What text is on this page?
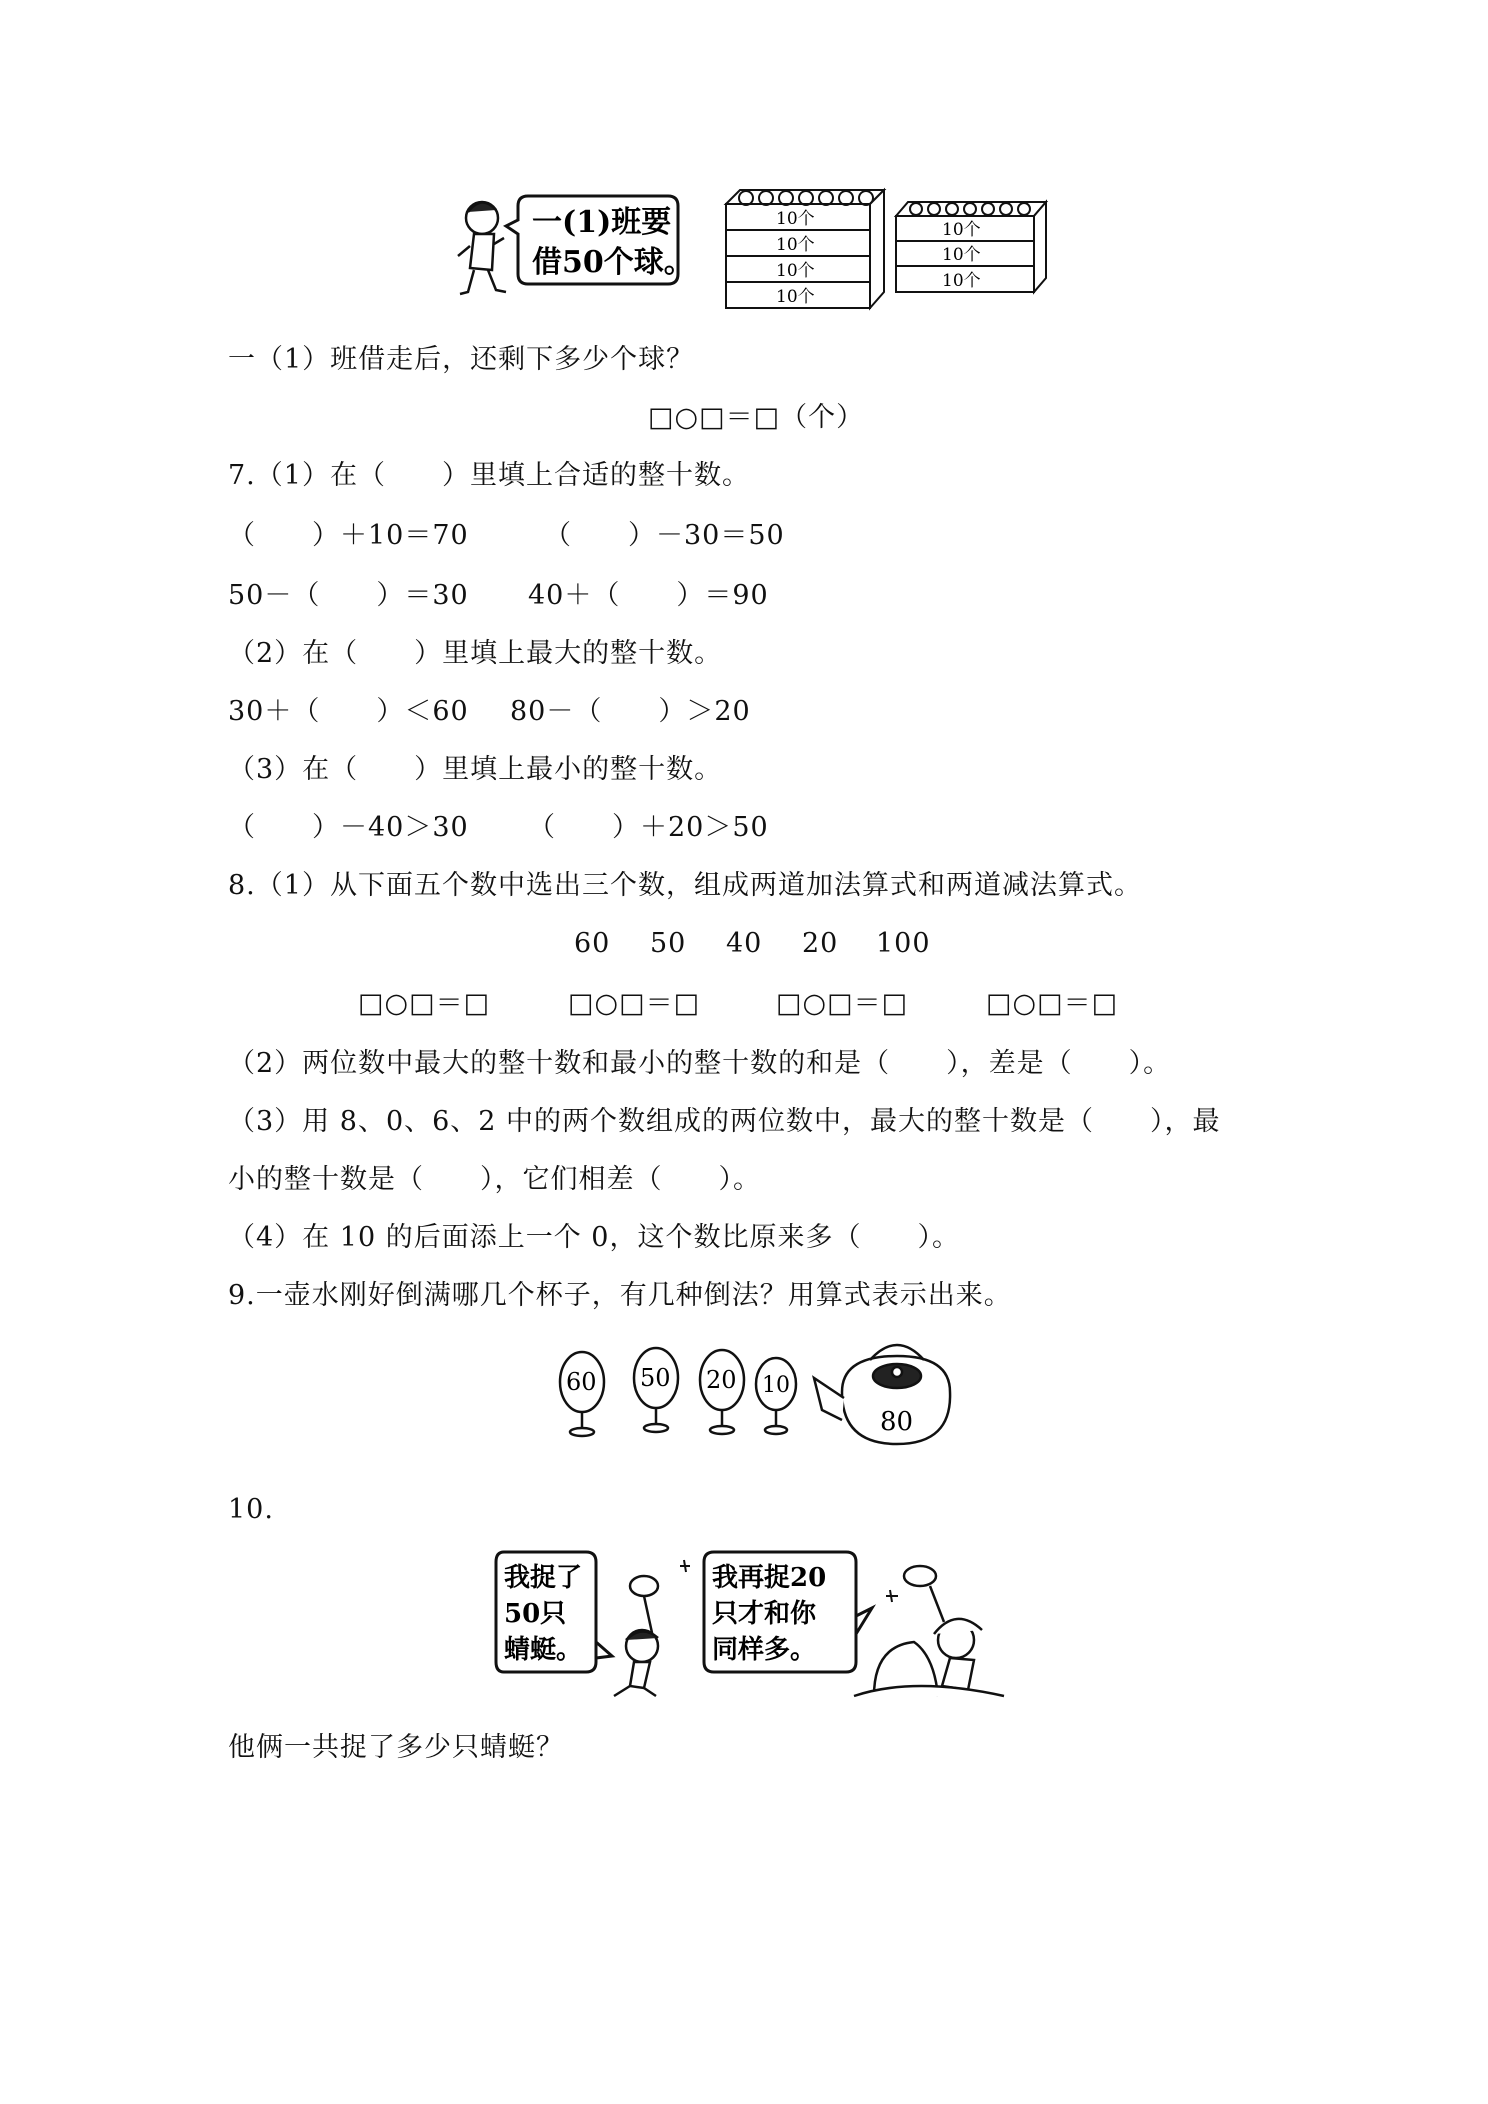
一(1)班要
借50个球。
10个
10个
10个
10个
10个
10个
10个
一（1）班借走后，还剩下多少个球？
□○□＝□（个）
7.（1）在（　　）里填上合适的整十数。
（　　）＋10＝70	（　　）－30＝50
50－（　　）＝30 40＋（　　）＝90
（2）在（　　）里填上最大的整十数。
30＋（　　）＜60 80－（　　）＞20
（3）在（　　）里填上最小的整十数。
（　　）－40＞30 （　　）＋20＞50
8.（1）从下面五个数中选出三个数，组成两道加法算式和两道减法算式。
60 50 40 20 100
□○□＝□	□○□＝□	□○□＝□	□○□＝□
（2）两位数中最大的整十数和最小的整十数的和是（　　），差是（　　）。
（3）用 8、0、6、2 中的两个数组成的两位数中，最大的整十数是（　　），最
小的整十数是（　　），它们相差（　　）。
（4）在 10 的后面添上一个 0，这个数比原来多（　　）。
9.一壶水刚好倒满哪几个杯子，有几种倒法？用算式表示出来。
60 50 20 10
80
10.
我捉了
50只
蜻蜓。
我再捉20
只才和你
同样多。
他俩一共捉了多少只蜻蜓？
